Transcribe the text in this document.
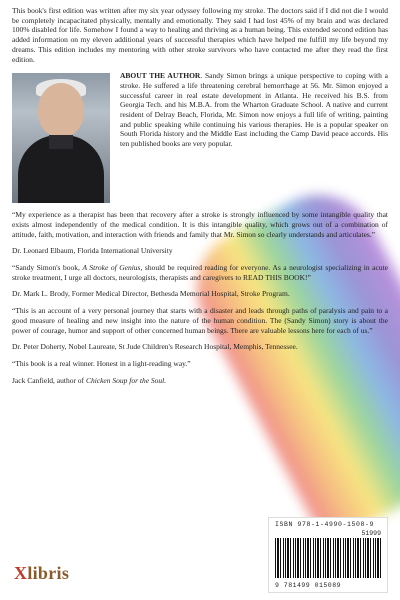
This book's first edition was written after my six year odyssey following my stroke. The doctors said if I did not die I would be completely incapacitated physically, mentally and emotionally. They said I had lost 45% of my brain and was declared 100% disabled for life. Somehow I found a way to healing and thriving as a human being. This extended second edition has added information on my eleven additional years of successful therapies which have helped me fulfill my life beyond my dreams. This edition includes my mentoring with other stroke survivors who have contacted me after they read the first edition.

ABOUT THE AUTHOR. Sandy Simon brings a unique perspective to coping with a stroke. He suffered a life threatening cerebral hemorrhage at 56. Mr. Simon enjoyed a successful career in real estate development in Atlanta. He received his B.S. from Georgia Tech. and his M.B.A. from the Wharton Graduate School. A native and current resident of Delray Beach, Florida, Mr. Simon now enjoys a full life of writing, painting and public speaking while continuing his various therapies. He is a popular speaker on South Florida history and the Middle East including the Camp David peace accords. His ten published books are very popular.

“My experience as a therapist has been that recovery after a stroke is strongly influenced by some intangible quality that exists almost independently of the medical condition. It is this intangible quality, which grows out of a combination of attitude, faith, motivation, and interaction with friends and family that Mr. Simon so clearly understands and articulates.”

Dr. Leonard Elbaum, Florida International University

“Sandy Simon's book, A Stroke of Genius, should be required reading for everyone. As a neurologist specializing in acute stroke treatment, I urge all doctors, neurologists, therapists and caregivers to READ THIS BOOK!”

Dr. Mark L. Brody, Former Medical Director, Bethesda Memorial Hospital, Stroke Program.

“This is an account of a very personal journey that starts with a disaster and leads through paths of paralysis and pain to a good measure of healing and new insight into the nature of the human condition. The (Sandy Simon) story is about the power of courage, humor and support of other concerned human beings. There are valuable lessons here for each of us.”

Dr. Peter Doherty, Nobel Laureate, St Jude Children's Research Hospital, Memphis, Tennessee.

“This book is a real winner. Honest in a light-reading way.”

Jack Canfield, author of Chicken Soup for the Soul.

ISBN 978-1-4990-1508-9
51999
9 781499 015089
Xlibris
